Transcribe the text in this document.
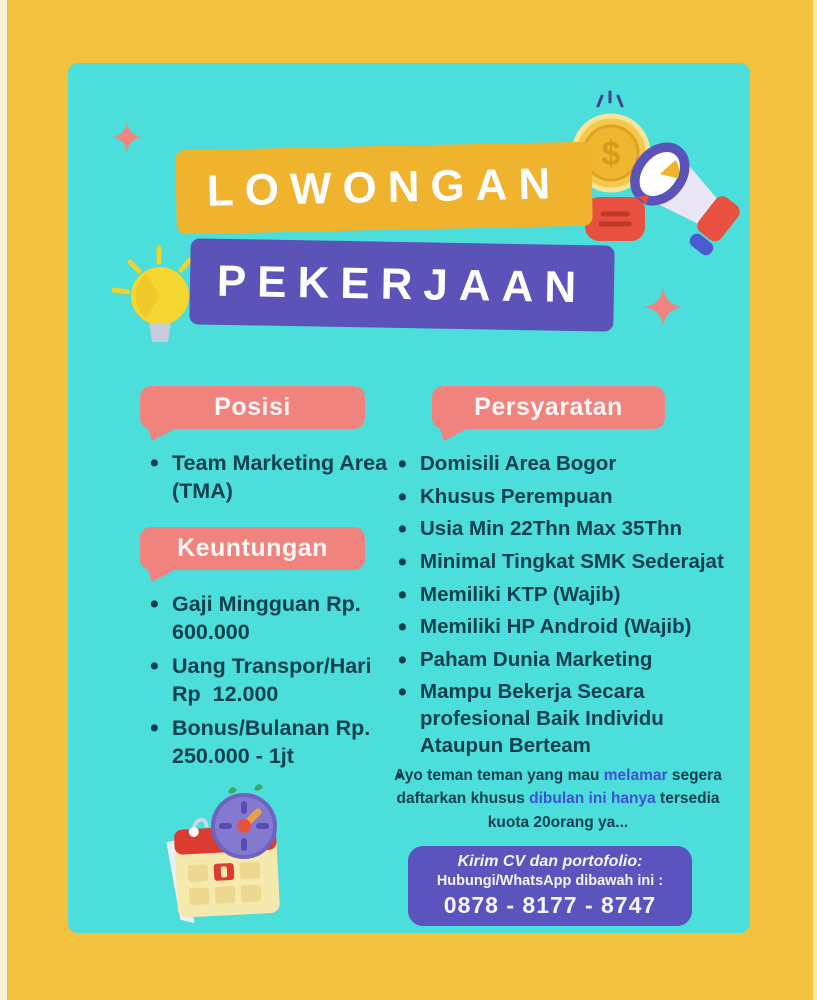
$
LOWONGAN
PEKERJAAN
Posisi
• Team Marketing Area (TMA)
Keuntungan
• Gaji Mingguan Rp. 600.000
• Uang Transpor/Hari Rp  12.000
• Bonus/Bulanan Rp. 250.000 - 1jt
Persyaratan
• Domisili Area Bogor
• Khusus Perempuan
• Usia Min 22Thn Max 35Thn
• Minimal Tingkat SMK Sederajat
• Memiliki KTP (Wajib)
• Memiliki HP Android (Wajib)
• Paham Dunia Marketing
• Mampu Bekerja Secara profesional Baik Individu Ataupun Berteam
• Ayo teman teman yang mau melamar segera daftarkan khusus dibulan ini hanya tersedia kuota 20orang ya...
Kirim CV dan portofolio:
Hubungi/WhatsApp dibawah ini :
0878 - 8177 - 8747
